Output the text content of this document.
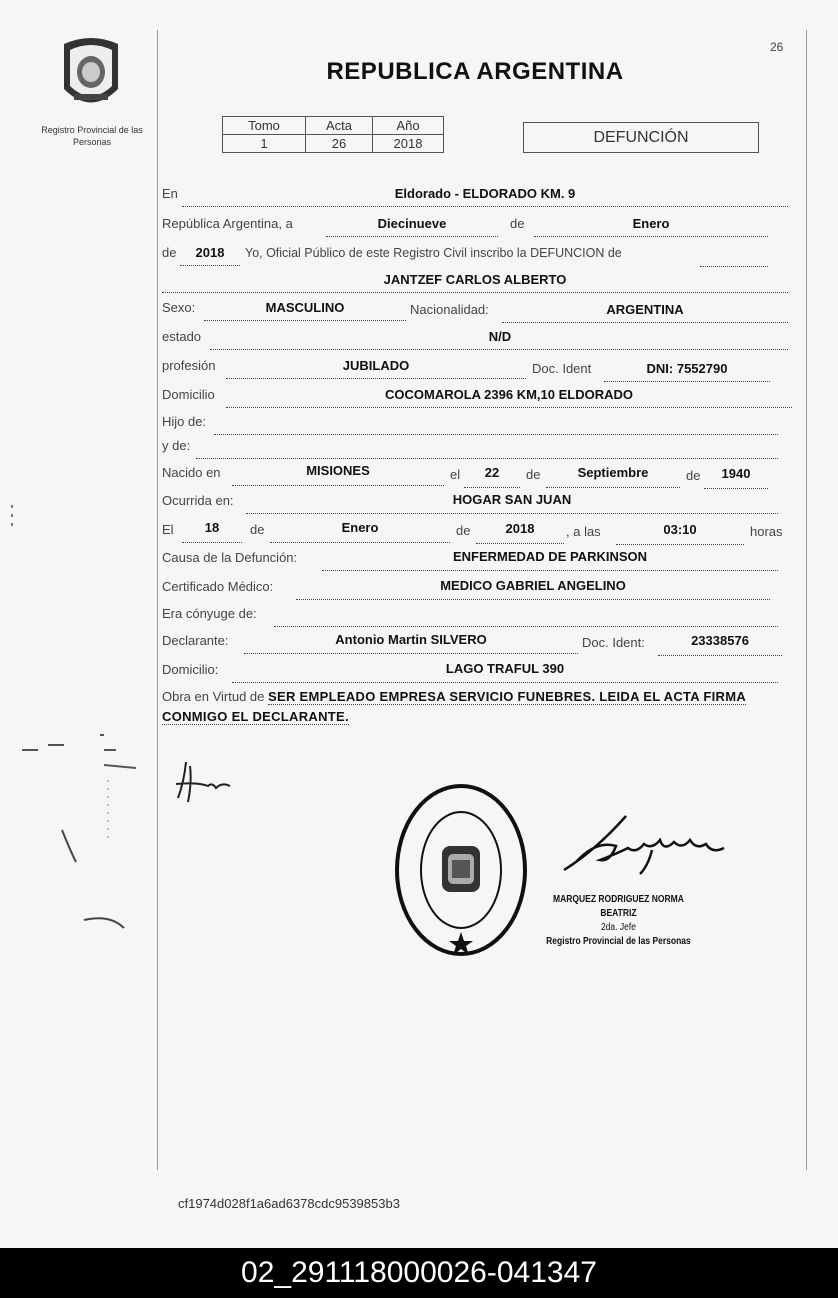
Registro Provincial de las Personas
26
REPUBLICA ARGENTINA
Tomo	Acta	Año
1	26	2018	DEFUNCIÓN
En	Eldorado - ELDORADO KM. 9
República Argentina, a	Diecinueve	de	Enero
de	2018	Yo, Oficial Público de este Registro Civil inscribo la DEFUNCION de
JANTZEF CARLOS ALBERTO
Sexo:	MASCULINO	Nacionalidad:	ARGENTINA
estado	N/D
profesión	JUBILADO	Doc. Ident	DNI: 7552790
Domicilio	COCOMAROLA 2396 KM,10 ELDORADO
Hijo de:
y de:
Nacido en	MISIONES	el	22	de	Septiembre	de	1940
Ocurrida en:	HOGAR SAN JUAN
El	18	de	Enero	de	2018	, a las	03:10	horas
Causa de la Defunción:	ENFERMEDAD DE PARKINSON
Certificado Médico:	MEDICO GABRIEL ANGELINO
Era cónyuge de:
Declarante:	Antonio Martin SILVERO	Doc. Ident:	23338576
Domicilio:	LAGO TRAFUL 390
Obra en Virtud de SER EMPLEADO EMPRESA SERVICIO FUNEBRES. LEIDA EL ACTA FIRMA CONMIGO EL DECLARANTE.
MARQUEZ RODRIGUEZ NORMA BEATRIZ
2da. Jefe
Registro Provincial de las Personas
cf1974d028f1a6ad6378cdc9539853b3
02_291118000026-041347
